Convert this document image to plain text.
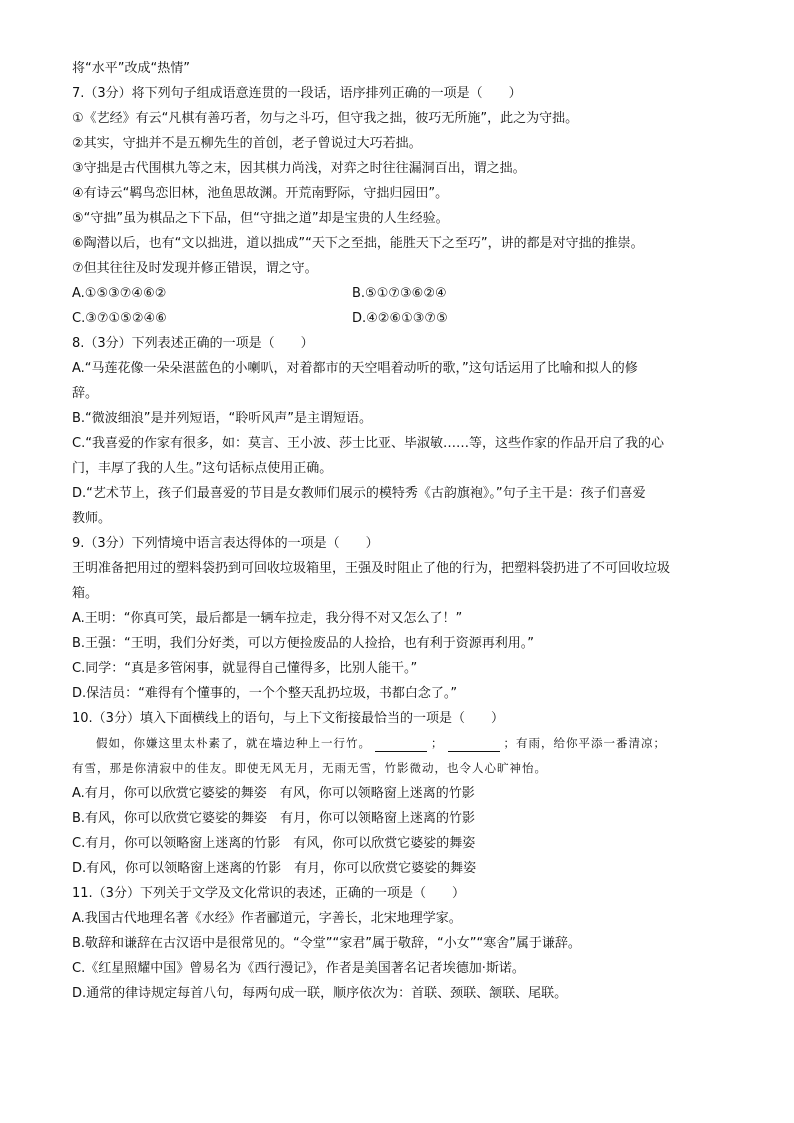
将“水平”改成“热情”
7.（3分）将下列句子组成语意连贯的一段话，语序排列正确的一项是（　　）
①《艺经》有云“凡棋有善巧者，勿与之斗巧，但守我之拙，彼巧无所施”，此之为守拙。
②其实，守拙并不是五柳先生的首创，老子曾说过大巧若拙。
③守拙是古代围棋九等之末，因其棋力尚浅，对弈之时往往漏洞百出，谓之拙。
④有诗云“羁鸟恋旧林，池鱼思故渊。开荒南野际，守拙归园田”。
⑤“守拙”虽为棋品之下下品，但“守拙之道”却是宝贵的人生经验。
⑥陶潜以后，也有“文以拙进，道以拙成”“天下之至拙，能胜天下之至巧”，讲的都是对守拙的推崇。
⑦但其往往及时发现并修正错误，谓之守。
A.①⑤③⑦④⑥②	B.⑤①⑦③⑥②④
C.③⑦①⑤②④⑥	D.④②⑥①③⑦⑤
8.（3分）下列表述正确的一项是（　　）
A.“马莲花像一朵朵湛蓝色的小喇叭，对着都市的天空唱着动听的歌，”这句话运用了比喻和拟人的修
辞。
B.“微波细浪”是并列短语，“聆听风声”是主谓短语。
C.“我喜爱的作家有很多，如：莫言、王小波、莎士比亚、毕淑敏……等，这些作家的作品开启了我的心
门，丰厚了我的人生。”这句话标点使用正确。
D.“艺术节上，孩子们最喜爱的节目是女教师们展示的模特秀《古韵旗袍》。”句子主干是：孩子们喜爱
教师。
9.（3分）下列情境中语言表达得体的一项是（　　）
王明准备把用过的塑料袋扔到可回收垃圾箱里，王强及时阻止了他的行为，把塑料袋扔进了不可回收垃圾
箱。
A.王明：“你真可笑，最后都是一辆车拉走，我分得不对又怎么了！”
B.王强：“王明，我们分好类，可以方便捡废品的人捡拾，也有利于资源再利用。”
C.同学：“真是多管闲事，就显得自己懂得多，比别人能干。”
D.保洁员：“难得有个懂事的，一个个整天乱扔垃圾，书都白念了。”
10.（3分）填入下面横线上的语句，与上下文衔接最恰当的一项是（　　）
假如，你嫌这里太朴素了，就在墙边种上一行竹。	；	；有雨，给你平添一番清凉；
有雪，那是你清寂中的佳友。即使无风无月，无雨无雪，竹影微动，也令人心旷神怡。
A.有月，你可以欣赏它婆娑的舞姿　有风，你可以领略窗上迷离的竹影
B.有风，你可以欣赏它婆娑的舞姿　有月，你可以领略窗上迷离的竹影
C.有月，你可以领略窗上迷离的竹影　有风，你可以欣赏它婆娑的舞姿
D.有风，你可以领略窗上迷离的竹影　有月，你可以欣赏它婆娑的舞姿
11.（3分）下列关于文学及文化常识的表述，正确的一项是（　　）
A.我国古代地理名著《水经》作者郦道元，字善长，北宋地理学家。
B.敬辞和谦辞在古汉语中是很常见的。“令堂”“家君”属于敬辞，“小女”“寒舍”属于谦辞。
C.《红星照耀中国》曾易名为《西行漫记》，作者是美国著名记者埃德加·斯诺。
D.通常的律诗规定每首八句，每两句成一联，顺序依次为：首联、颈联、颔联、尾联。
